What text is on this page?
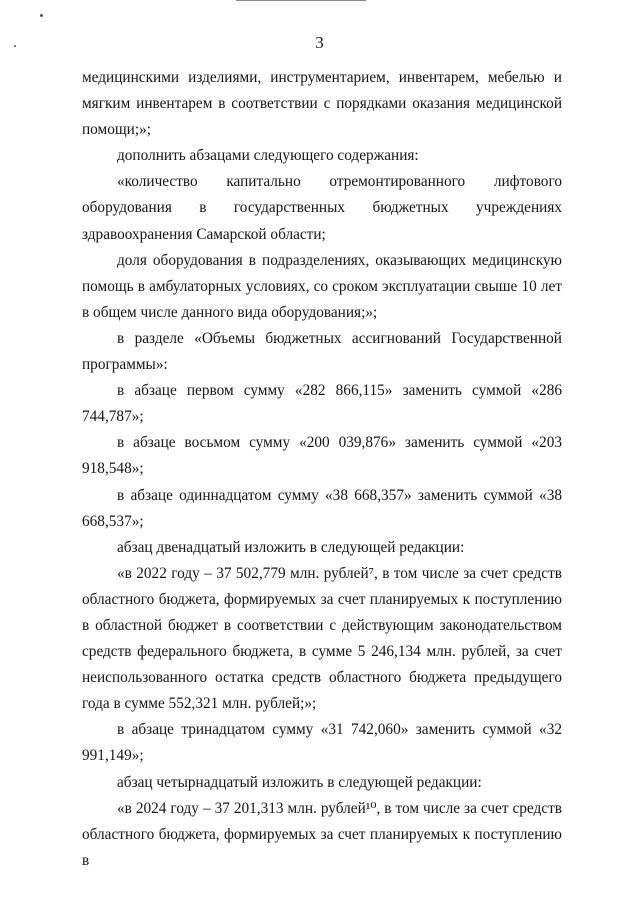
3

медицинскими изделиями, инструментарием, инвентарем, мебелью и мягким инвентарем в соответствии с порядками оказания медицинской помощи;»;

дополнить абзацами следующего содержания:

«количество капитально отремонтированного лифтового оборудования в государственных бюджетных учреждениях здравоохранения Самарской области;

доля оборудования в подразделениях, оказывающих медицинскую помощь в амбулаторных условиях, со сроком эксплуатации свыше 10 лет в общем числе данного вида оборудования;»;

в разделе «Объемы бюджетных ассигнований Государственной программы»:

в абзаце первом сумму «282 866,115» заменить суммой «286 744,787»;

в абзаце восьмом сумму «200 039,876» заменить суммой «203 918,548»;

в абзаце одиннадцатом сумму «38 668,357» заменить суммой «38 668,537»;

абзац двенадцатый изложить в следующей редакции:

«в 2022 году – 37 502,779 млн. рублей⁷, в том числе за счет средств областного бюджета, формируемых за счет планируемых к поступлению в областной бюджет в соответствии с действующим законодательством средств федерального бюджета, в сумме 5 246,134 млн. рублей, за счет неиспользованного остатка средств областного бюджета предыдущего года в сумме 552,321 млн. рублей;»;

в абзаце тринадцатом сумму «31 742,060» заменить суммой «32 991,149»;

абзац четырнадцатый изложить в следующей редакции:

«в 2024 году – 37 201,313 млн. рублей¹⁰, в том числе за счет средств областного бюджета, формируемых за счет планируемых к поступлению в
